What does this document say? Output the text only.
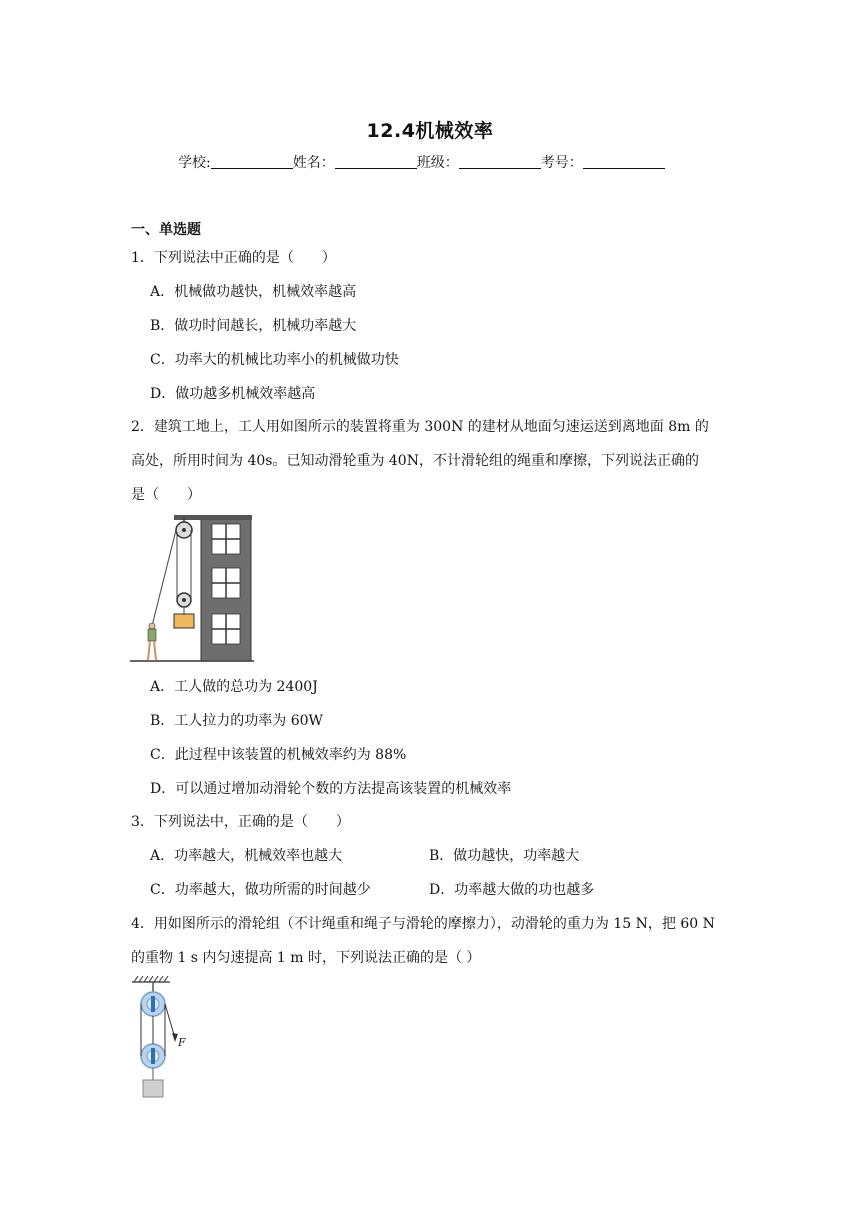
12.4机械效率
学校:	姓名：	班级：	考号：
一、单选题
1．下列说法中正确的是（　　）
A．机械做功越快，机械效率越高
B．做功时间越长，机械功率越大
C．功率大的机械比功率小的机械做功快
D．做功越多机械效率越高
2．建筑工地上，工人用如图所示的装置将重为 300N 的建材从地面匀速运送到离地面 8m 的
高处，所用时间为 40s。已知动滑轮重为 40N，不计滑轮组的绳重和摩擦，下列说法正确的
是（　　）
A．工人做的总功为 2400J
B．工人拉力的功率为 60W
C．此过程中该装置的机械效率约为 88%
D．可以通过增加动滑轮个数的方法提高该装置的机械效率
3．下列说法中，正确的是（　　）
A．功率越大，机械效率也越大	B．做功越快，功率越大
C．功率越大，做功所需的时间越少	D．功率越大做的功也越多
4．用如图所示的滑轮组（不计绳重和绳子与滑轮的摩擦力），动滑轮的重力为 15 N，把 60 N
的重物 1 s 内匀速提高 1 m 时，下列说法正确的是（ ）
F
